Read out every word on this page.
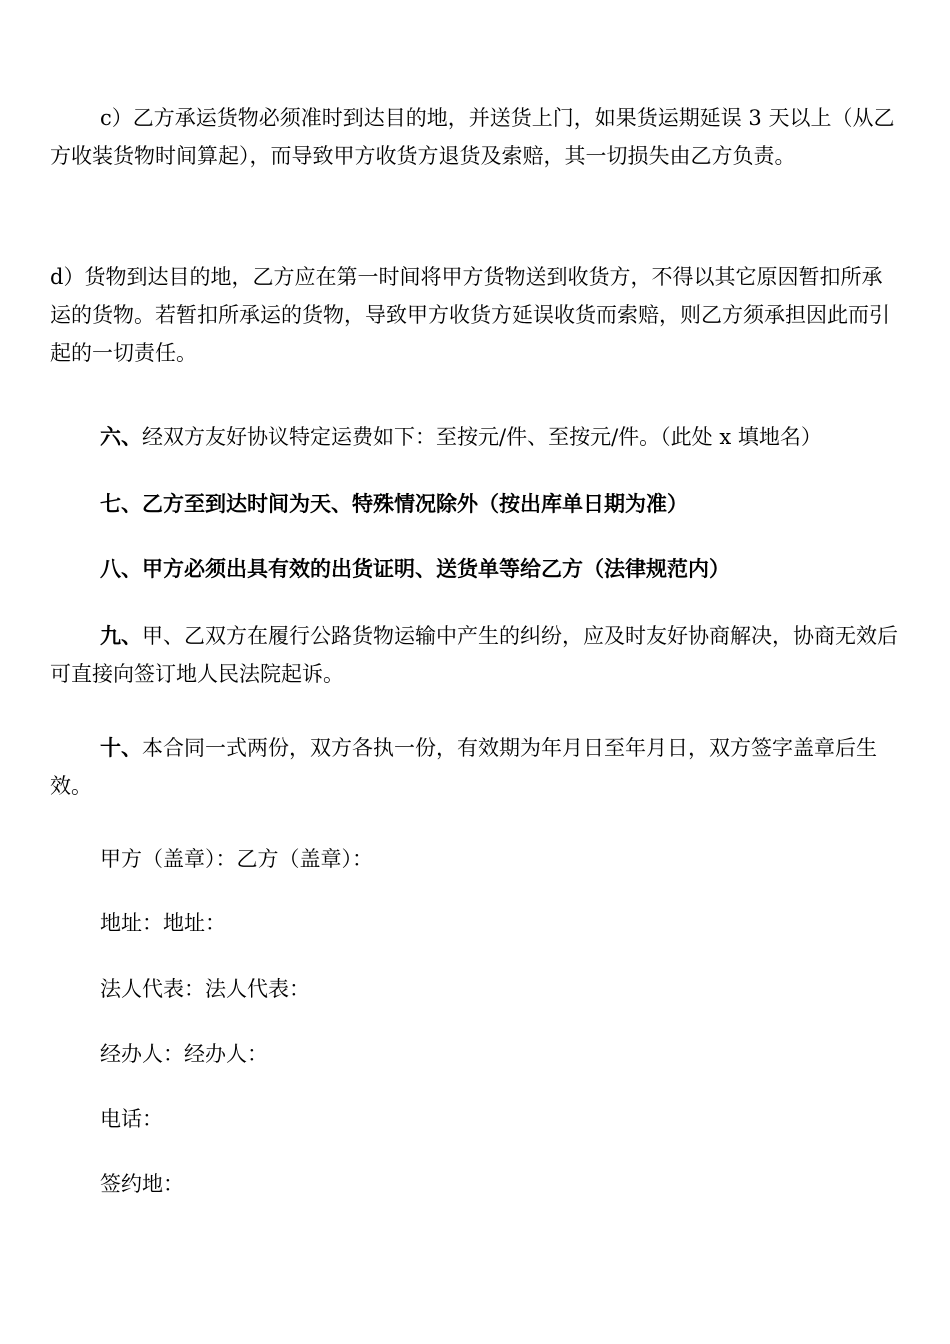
c）乙方承运货物必须准时到达目的地，并送货上门，如果货运期延误 3 天以上（从乙方收装货物时间算起），而导致甲方收货方退货及索赔，其一切损失由乙方负责。

d）货物到达目的地，乙方应在第一时间将甲方货物送到收货方，不得以其它原因暂扣所承运的货物。若暂扣所承运的货物，导致甲方收货方延误收货而索赔，则乙方须承担因此而引起的一切责任。

六、经双方友好协议特定运费如下：至按元/件、至按元/件。（此处 x 填地名）

七、乙方至到达时间为天、特殊情况除外（按出库单日期为准）

八、甲方必须出具有效的出货证明、送货单等给乙方（法律规范内）

九、甲、乙双方在履行公路货物运输中产生的纠纷，应及时友好协商解决，协商无效后可直接向签订地人民法院起诉。

十、本合同一式两份，双方各执一份，有效期为年月日至年月日，双方签字盖章后生效。

甲方（盖章）：乙方（盖章）：

地址：地址：

法人代表：法人代表：

经办人：经办人：

电话：

签约地：
